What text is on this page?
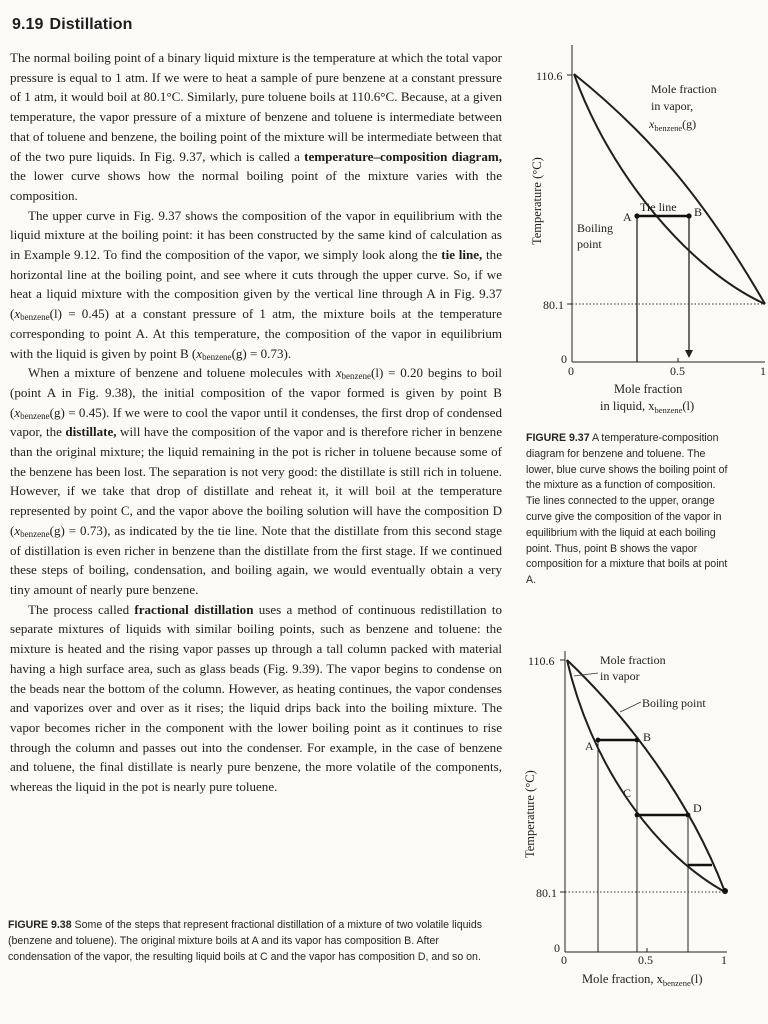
9.19 Distillation

The normal boiling point of a binary liquid mixture is the temperature at which the total vapor pressure is equal to 1 atm. If we were to heat a sample of pure benzene at a constant pressure of 1 atm, it would boil at 80.1°C. Similarly, pure toluene boils at 110.6°C. Because, at a given temperature, the vapor pressure of a mixture of benzene and toluene is intermediate between that of toluene and benzene, the boiling point of the mixture will be intermediate between that of the two pure liquids. In Fig. 9.37, which is called a temperature–composition diagram, the lower curve shows how the normal boiling point of the mixture varies with the composition.

The upper curve in Fig. 9.37 shows the composition of the vapor in equilibrium with the liquid mixture at the boiling point: it has been constructed by the same kind of calculation as in Example 9.12. To find the composition of the vapor, we simply look along the tie line, the horizontal line at the boiling point, and see where it cuts through the upper curve. So, if we heat a liquid mixture with the composition given by the vertical line through A in Fig. 9.37 $(x_{benzene}(l) = 0.45)$ at a constant pressure of 1 atm, the mixture boils at the temperature corresponding to point A. At this temperature, the composition of the vapor in equilibrium with the liquid is given by point B $(x_{benzene}(g) = 0.73)$.

When a mixture of benzene and toluene molecules with $x_{benzene}(l) = 0.20$ begins to boil (point A in Fig. 9.38), the initial composition of the vapor formed is given by point B $(x_{benzene}(g) = 0.45)$. If we were to cool the vapor until it condenses, the first drop of condensed vapor, the distillate, will have the composition of the vapor and is therefore richer in benzene than the original mixture; the liquid remaining in the pot is richer in toluene because some of the benzene has been lost. The separation is not very good: the distillate is still rich in toluene. However, if we take that drop of distillate and reheat it, it will boil at the temperature represented by point C, and the vapor above the boiling solution will have the composition D $(x_{benzene}(g) = 0.73)$, as indicated by the tie line. Note that the distillate from this second stage of distillation is even richer in benzene than the distillate from the first stage. If we continued these steps of boiling, condensation, and boiling again, we would eventually obtain a very tiny amount of nearly pure benzene.

The process called fractional distillation uses a method of continuous redistillation to separate mixtures of liquids with similar boiling points, such as benzene and toluene: the mixture is heated and the rising vapor passes up through a tall column packed with material having a high surface area, such as glass beads (Fig. 9.39). The vapor begins to condense on the beads near the bottom of the column. However, as heating continues, the vapor condenses and vaporizes over and over as it rises; the liquid drips back into the boiling mixture. The vapor becomes richer in the component with the lower boiling point as it continues to rise through the column and passes out into the condenser. For example, in the case of benzene and toluene, the final distillate is nearly pure benzene, the more volatile of the components, whereas the liquid in the pot is nearly pure toluene.

110.6
80.1
0
0	0.5	1
Temperature (°C)
Mole fraction
in liquid, $x_{benzene}(l)$
Mole fraction
in vapor,
$x_{benzene}(g)$
Tie line
Boiling
point
A	B
110.6
80.1
0
0	0.5	1
Temperature (°C)
Mole fraction, $x_{benzene}(l)$
Mole fraction
in vapor
Boiling point
A
B
C
D
FIGURE 9.37 A temperature-composition diagram for benzene and toluene. The lower, blue curve shows the boiling point of the mixture as a function of composition. Tie lines connected to the upper, orange curve give the composition of the vapor in equilibrium with the liquid at each boiling point. Thus, point B shows the vapor composition for a mixture that boils at point A.
FIGURE 9.38 Some of the steps that represent fractional distillation of a mixture of two volatile liquids (benzene and toluene). The original mixture boils at A and its vapor has composition B. After condensation of the vapor, the resulting liquid boils at C and the vapor has composition D, and so on.
